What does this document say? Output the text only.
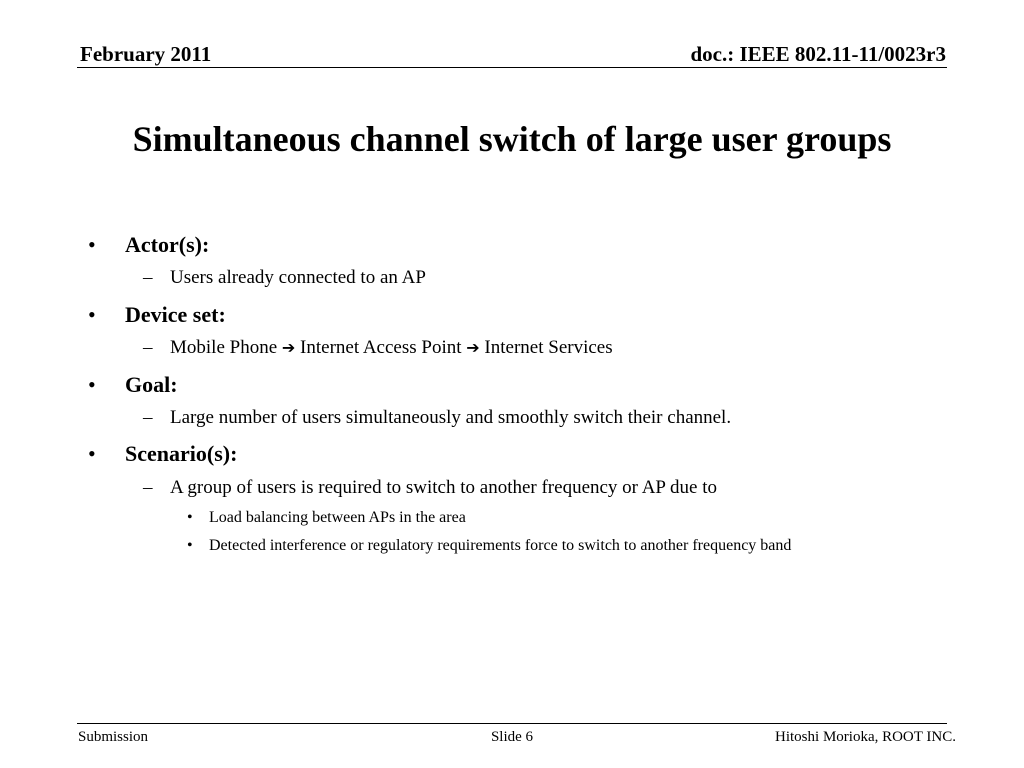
February 2011	doc.: IEEE 802.11-11/0023r3
Simultaneous channel switch of large user groups
• Actor(s):
– Users already connected to an AP
• Device set:
– Mobile Phone ➔ Internet Access Point ➔ Internet Services
• Goal:
– Large number of users simultaneously and smoothly switch their channel.
• Scenario(s):
– A group of users is required to switch to another frequency or AP due to
• Load balancing between APs in the area
• Detected interference or regulatory requirements force to switch to another frequency band
Submission	Slide 6	Hitoshi Morioka, ROOT INC.
